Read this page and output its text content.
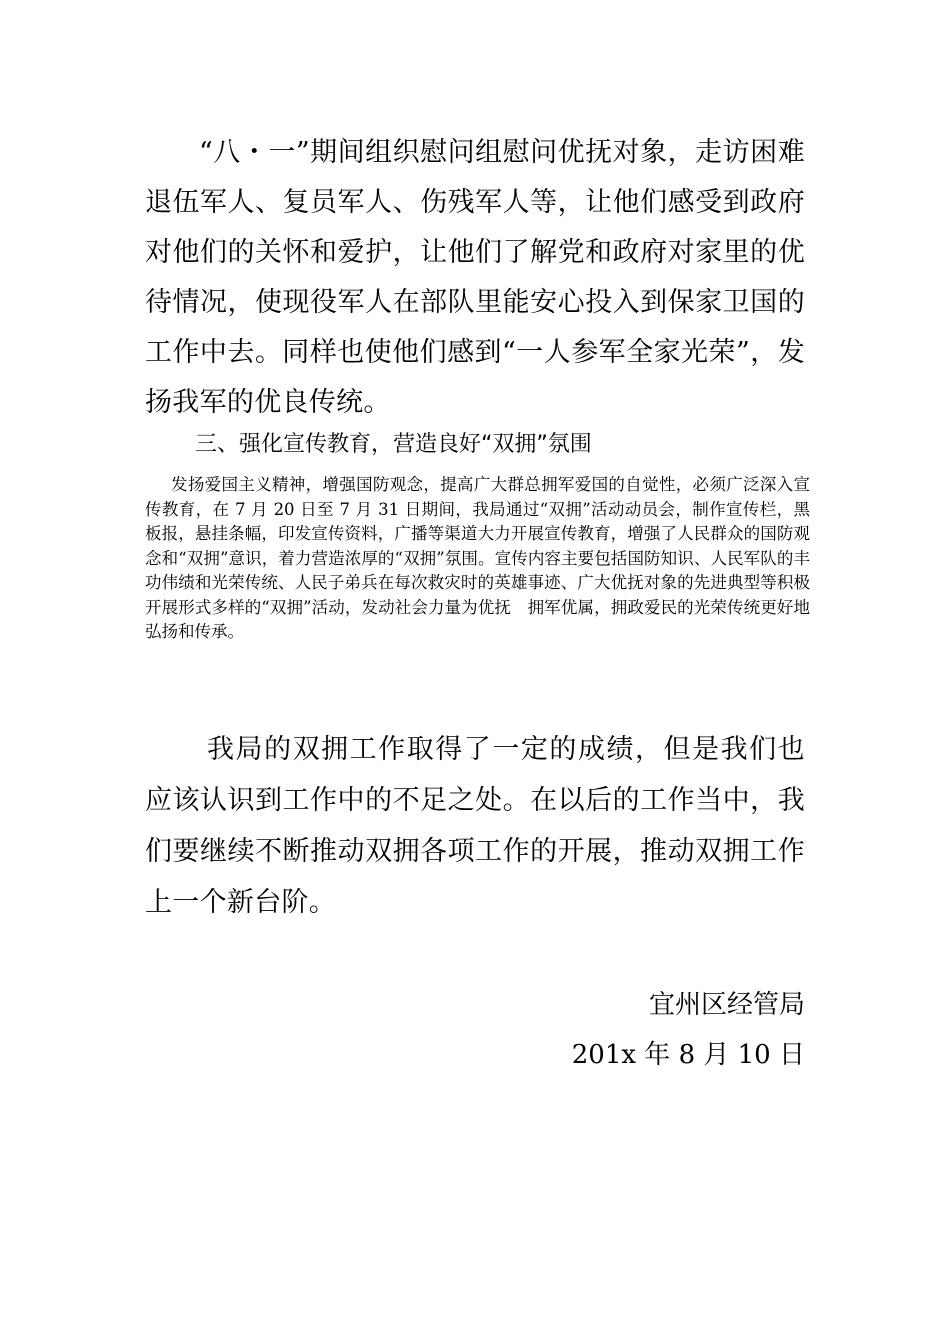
“八・一”期间组织慰问组慰问优抚对象，走访困难退伍军人、复员军人、伤残军人等，让他们感受到政府对他们的关怀和爱护，让他们了解党和政府对家里的优待情况，使现役军人在部队里能安心投入到保家卫国的工作中去。同样也使他们感到“一人参军全家光荣”，发扬我军的优良传统。

三、强化宣传教育，营造良好“双拥”氛围

发扬爱国主义精神，增强国防观念，提高广大群总拥军爱国的自觉性，必须广泛深入宣传教育，在 7 月 20 日至 7 月 31 日期间，我局通过“双拥”活动动员会，制作宣传栏，黑板报，悬挂条幅，印发宣传资料，广播等渠道大力开展宣传教育，增强了人民群众的国防观念和“双拥”意识，着力营造浓厚的“双拥”氛围。宣传内容主要包括国防知识、人民军队的丰功伟绩和光荣传统、人民子弟兵在每次救灾时的英雄事迹、广大优抚对象的先进典型等积极开展形式多样的“双拥”活动，发动社会力量为优抚　拥军优属，拥政爱民的光荣传统更好地弘扬和传承。

我局的双拥工作取得了一定的成绩，但是我们也应该认识到工作中的不足之处。在以后的工作当中，我们要继续不断推动双拥各项工作的开展，推动双拥工作上一个新台阶。

宜州区经管局
201x 年 8 月 10 日
